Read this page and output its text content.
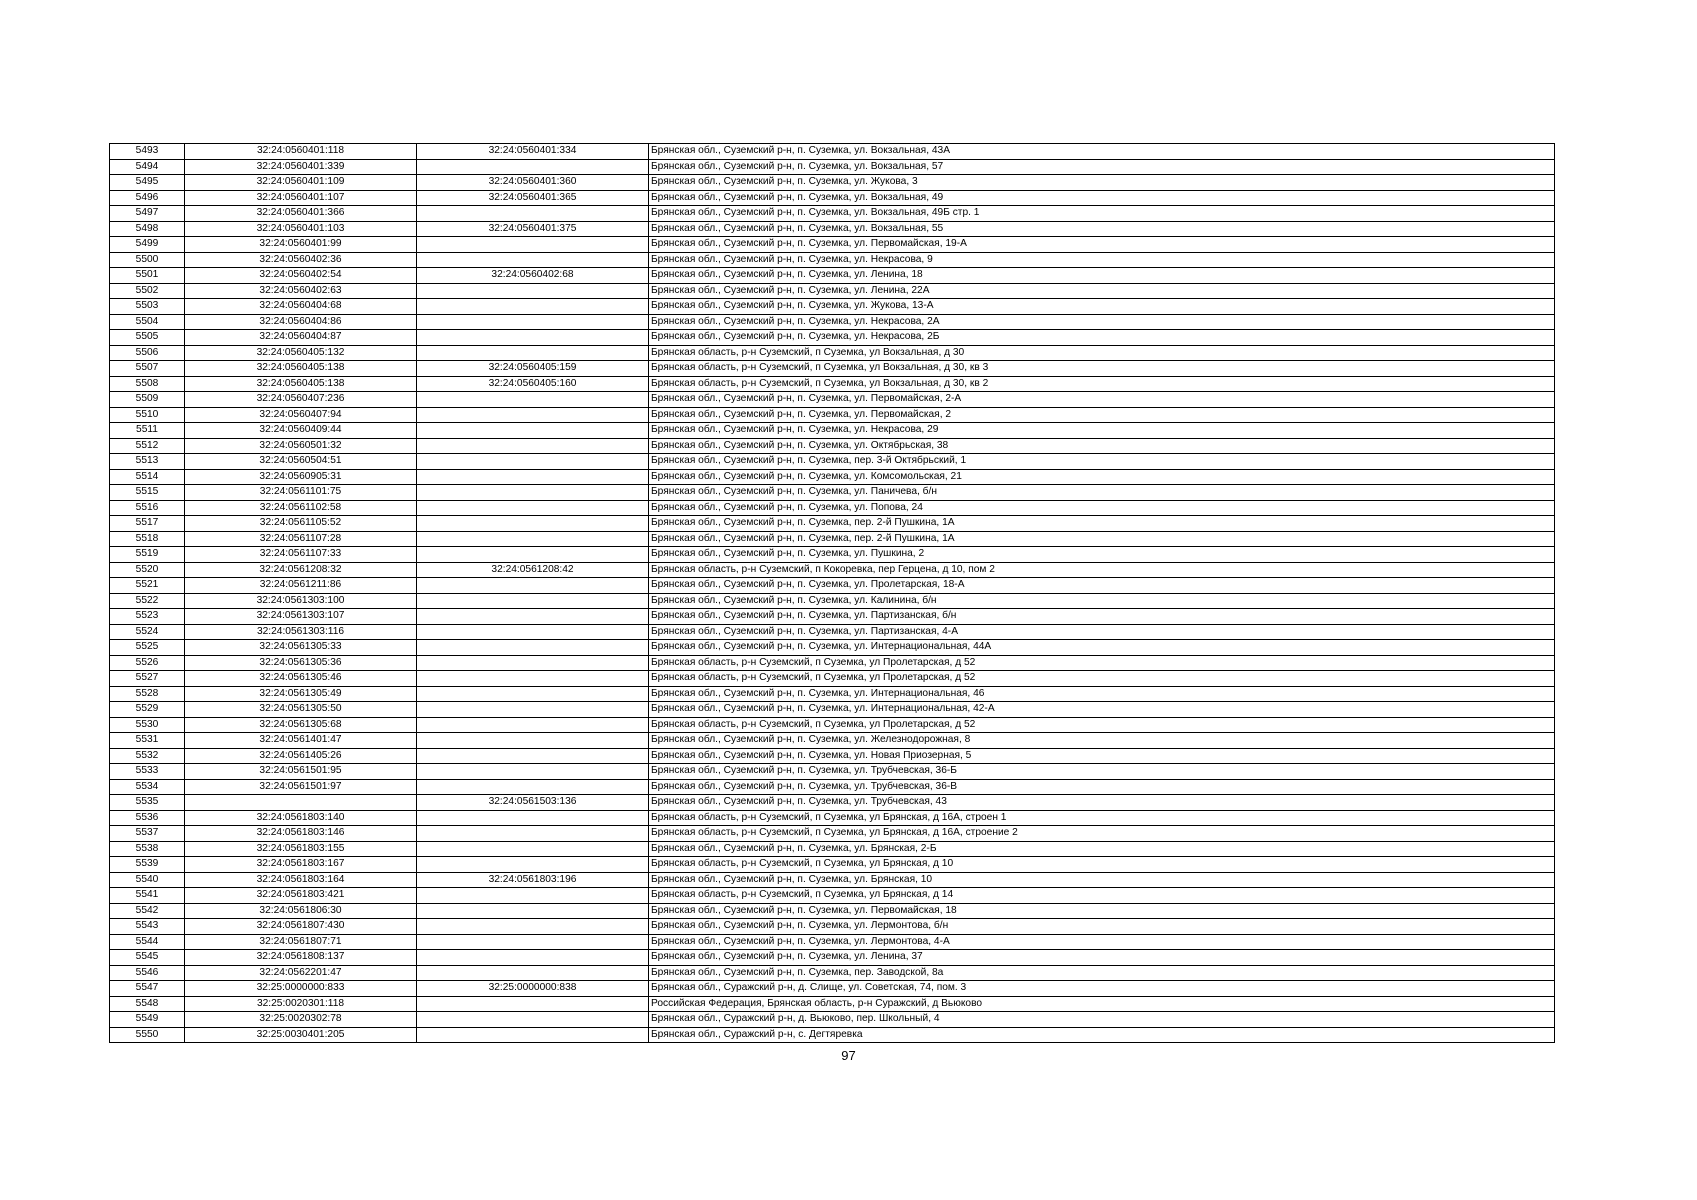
5493	32:24:0560401:118	32:24:0560401:334	Брянская обл., Суземский р-н, п. Суземка, ул. Вокзальная, 43А
5494	32:24:0560401:339		Брянская обл., Суземский р-н, п. Суземка, ул. Вокзальная, 57
5495	32:24:0560401:109	32:24:0560401:360	Брянская обл., Суземский р-н, п. Суземка, ул. Жукова, 3
5496	32:24:0560401:107	32:24:0560401:365	Брянская обл., Суземский р-н, п. Суземка, ул. Вокзальная, 49
5497	32:24:0560401:366		Брянская обл., Суземский р-н, п. Суземка, ул. Вокзальная, 49Б стр. 1
5498	32:24:0560401:103	32:24:0560401:375	Брянская обл., Суземский р-н, п. Суземка, ул. Вокзальная, 55
5499	32:24:0560401:99		Брянская обл., Суземский р-н, п. Суземка, ул. Первомайская, 19-А
5500	32:24:0560402:36		Брянская обл., Суземский р-н, п. Суземка, ул. Некрасова, 9
5501	32:24:0560402:54	32:24:0560402:68	Брянская обл., Суземский р-н, п. Суземка, ул. Ленина, 18
5502	32:24:0560402:63		Брянская обл., Суземский р-н, п. Суземка, ул. Ленина, 22А
5503	32:24:0560404:68		Брянская обл., Суземский р-н, п. Суземка, ул. Жукова, 13-А
5504	32:24:0560404:86		Брянская обл., Суземский р-н, п. Суземка, ул. Некрасова, 2А
5505	32:24:0560404:87		Брянская обл., Суземский р-н, п. Суземка, ул. Некрасова, 2Б
5506	32:24:0560405:132		Брянская область, р-н Суземский, п Суземка, ул Вокзальная, д 30
5507	32:24:0560405:138	32:24:0560405:159	Брянская область, р-н Суземский, п Суземка, ул Вокзальная, д 30, кв 3
5508	32:24:0560405:138	32:24:0560405:160	Брянская область, р-н Суземский, п Суземка, ул Вокзальная, д 30, кв 2
5509	32:24:0560407:236		Брянская обл., Суземский р-н, п. Суземка, ул. Первомайская, 2-А
5510	32:24:0560407:94		Брянская обл., Суземский р-н, п. Суземка, ул. Первомайская, 2
5511	32:24:0560409:44		Брянская обл., Суземский р-н, п. Суземка, ул. Некрасова, 29
5512	32:24:0560501:32		Брянская обл., Суземский р-н, п. Суземка, ул. Октябрьская, 38
5513	32:24:0560504:51		Брянская обл., Суземский р-н, п. Суземка, пер. 3-й Октябрьский, 1
5514	32:24:0560905:31		Брянская обл., Суземский р-н, п. Суземка, ул. Комсомольская, 21
5515	32:24:0561101:75		Брянская обл., Суземский р-н, п. Суземка, ул. Паничева, б/н
5516	32:24:0561102:58		Брянская обл., Суземский р-н, п. Суземка, ул. Попова, 24
5517	32:24:0561105:52		Брянская обл., Суземский р-н, п. Суземка, пер. 2-й Пушкина, 1А
5518	32:24:0561107:28		Брянская обл., Суземский р-н, п. Суземка, пер. 2-й Пушкина, 1А
5519	32:24:0561107:33		Брянская обл., Суземский р-н, п. Суземка, ул. Пушкина, 2
5520	32:24:0561208:32	32:24:0561208:42	Брянская область, р-н Суземский, п Кокоревка, пер Герцена, д 10, пом 2
5521	32:24:0561211:86		Брянская обл., Суземский р-н, п. Суземка, ул. Пролетарская, 18-А
5522	32:24:0561303:100		Брянская обл., Суземский р-н, п. Суземка, ул. Калинина, б/н
5523	32:24:0561303:107		Брянская обл., Суземский р-н, п. Суземка, ул. Партизанская, б/н
5524	32:24:0561303:116		Брянская обл., Суземский р-н, п. Суземка, ул. Партизанская, 4-А
5525	32:24:0561305:33		Брянская обл., Суземский р-н, п. Суземка, ул. Интернациональная, 44А
5526	32:24:0561305:36		Брянская область, р-н Суземский, п Суземка, ул Пролетарская, д 52
5527	32:24:0561305:46		Брянская область, р-н Суземский, п Суземка, ул Пролетарская, д 52
5528	32:24:0561305:49		Брянская обл., Суземский р-н, п. Суземка, ул. Интернациональная, 46
5529	32:24:0561305:50		Брянская обл., Суземский р-н, п. Суземка, ул. Интернациональная, 42-А
5530	32:24:0561305:68		Брянская область, р-н Суземский, п Суземка, ул Пролетарская, д 52
5531	32:24:0561401:47		Брянская обл., Суземский р-н, п. Суземка, ул. Железнодорожная, 8
5532	32:24:0561405:26		Брянская обл., Суземский р-н, п. Суземка, ул. Новая Приозерная, 5
5533	32:24:0561501:95		Брянская обл., Суземский р-н, п. Суземка, ул. Трубчевская, 36-Б
5534	32:24:0561501:97		Брянская обл., Суземский р-н, п. Суземка, ул. Трубчевская, 36-В
5535		32:24:0561503:136	Брянская обл., Суземский р-н, п. Суземка, ул. Трубчевская, 43
5536	32:24:0561803:140		Брянская область, р-н Суземский, п Суземка, ул Брянская, д 16А, строен 1
5537	32:24:0561803:146		Брянская область, р-н Суземский, п Суземка, ул Брянская, д 16А, строение 2
5538	32:24:0561803:155		Брянская обл., Суземский р-н, п. Суземка, ул. Брянская, 2-Б
5539	32:24:0561803:167		Брянская область, р-н Суземский, п Суземка, ул Брянская, д 10
5540	32:24:0561803:164	32:24:0561803:196	Брянская обл., Суземский р-н, п. Суземка, ул. Брянская, 10
5541	32:24:0561803:421		Брянская область, р-н Суземский, п Суземка, ул Брянская, д 14
5542	32:24:0561806:30		Брянская обл., Суземский р-н, п. Суземка, ул. Первомайская, 18
5543	32:24:0561807:430		Брянская обл., Суземский р-н, п. Суземка, ул. Лермонтова, б/н
5544	32:24:0561807:71		Брянская обл., Суземский р-н, п. Суземка, ул. Лермонтова, 4-А
5545	32:24:0561808:137		Брянская обл., Суземский р-н, п. Суземка, ул. Ленина, 37
5546	32:24:0562201:47		Брянская обл., Суземский р-н, п. Суземка, пер. Заводской, 8а
5547	32:25:0000000:833	32:25:0000000:838	Брянская обл., Суражский р-н, д. Слище, ул. Советская, 74, пом. 3
5548	32:25:0020301:118		Российская Федерация, Брянская область, р-н Суражский, д Вьюково
5549	32:25:0020302:78		Брянская обл., Суражский р-н, д. Вьюково, пер. Школьный, 4
5550	32:25:0030401:205		Брянская обл., Суражский р-н, с. Дегтяревка
97
